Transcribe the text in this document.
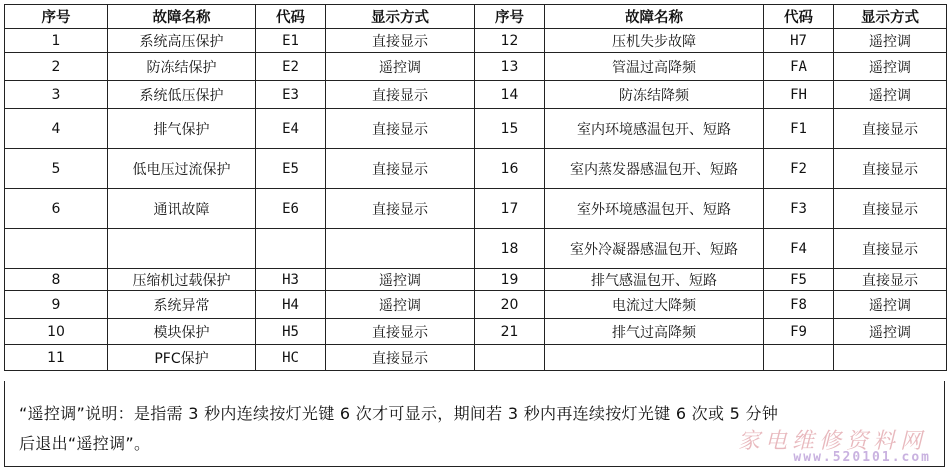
序号	故障名称	代码	显示方式	序号	故障名称	代码	显示方式
1	系统高压保护	E1	直接显示	12	压机失步故障	H7	遥控调
2	防冻结保护	E2	遥控调	13	管温过高降频	FA	遥控调
3	系统低压保护	E3	直接显示	14	防冻结降频	FH	遥控调
4	排气保护	E4	直接显示	15	室内环境感温包开、短路	F1	直接显示
5	低电压过流保护	E5	直接显示	16	室内蒸发器感温包开、短路	F2	直接显示
6	通讯故障	E6	直接显示	17	室外环境感温包开、短路	F3	直接显示
				18	室外冷凝器感温包开、短路	F4	直接显示
8	压缩机过载保护	H3	遥控调	19	排气感温包开、短路	F5	直接显示
9	系统异常	H4	遥控调	20	电流过大降频	F8	遥控调
10	模块保护	H5	直接显示	21	排气过高降频	F9	遥控调
11	PFC保护	HC	直接显示				

“遥控调”说明：是指需 3 秒内连续按灯光键 6 次才可显示，期间若 3 秒内再连续按灯光键 6 次或 5 分钟

后退出“遥控调”。	家电维修资料网
www.520101.com
